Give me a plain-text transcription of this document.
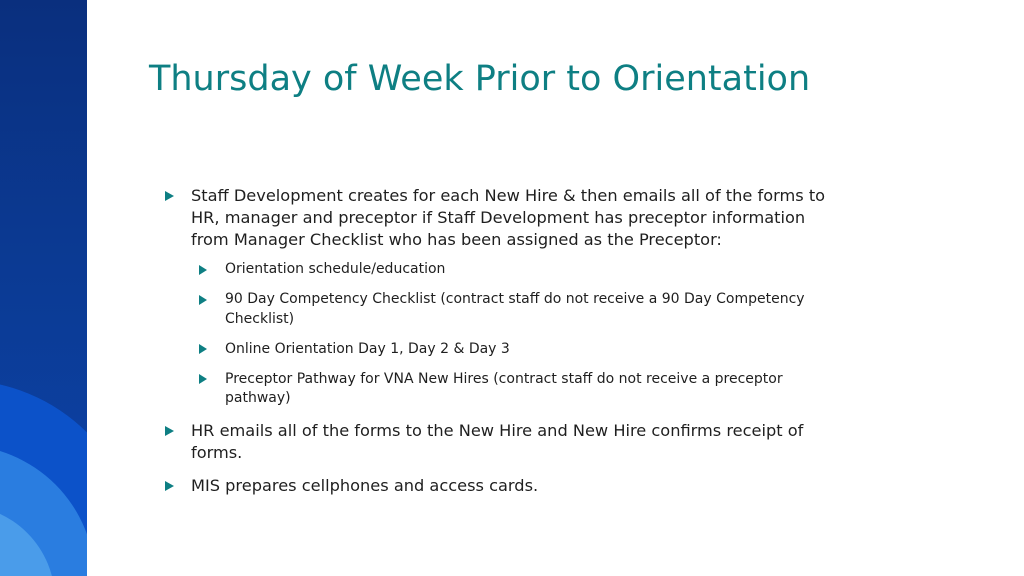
Thursday of Week Prior to Orientation
Staff Development creates for each New Hire & then emails all of the forms to HR, manager and preceptor if Staff Development has preceptor information from Manager Checklist who has been assigned as the Preceptor:
Orientation schedule/education
90 Day Competency Checklist (contract staff do not receive a 90 Day Competency Checklist)
Online Orientation Day 1, Day 2 & Day 3
Preceptor Pathway for VNA New Hires (contract staff do not receive a preceptor pathway)
HR emails all of the forms to the New Hire and New Hire confirms receipt of forms.
MIS prepares cellphones and access cards.
